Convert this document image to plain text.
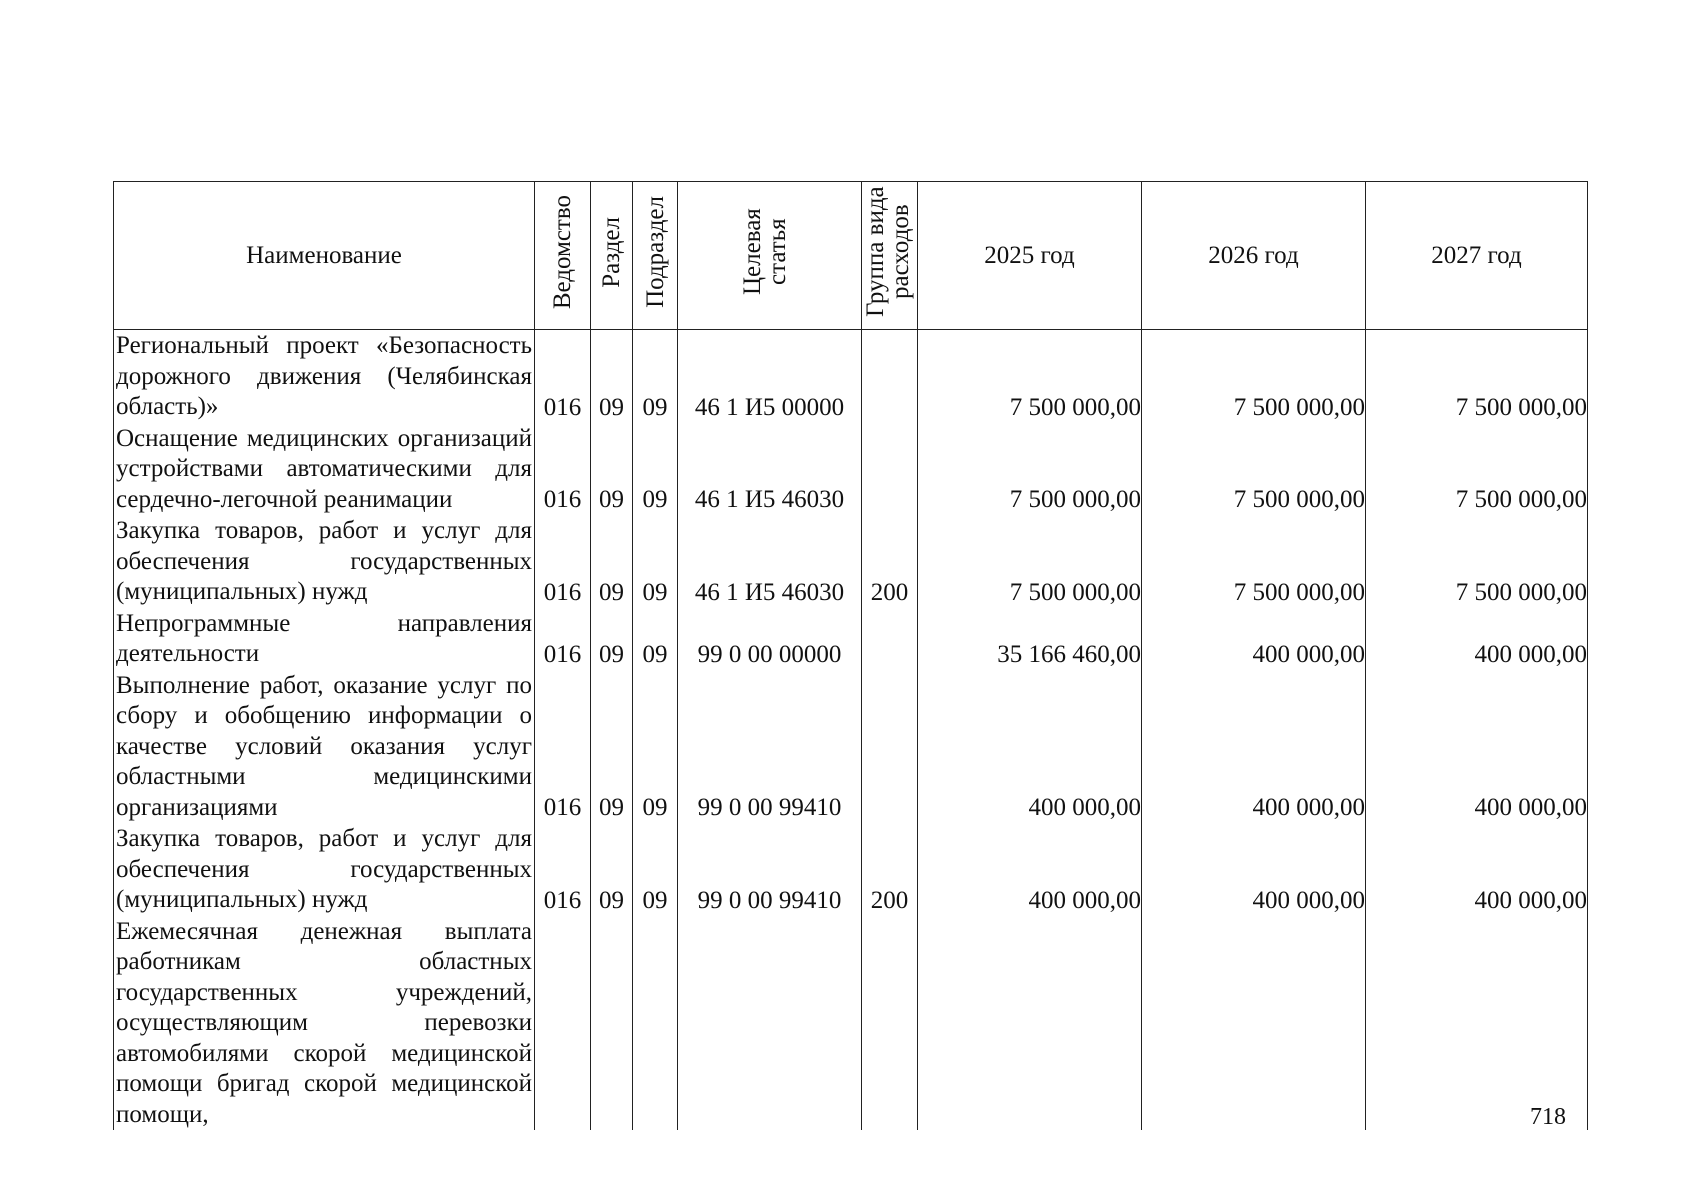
Наименование	Ведомство	Раздел	Подраздел	Целевая статья	Группа вида расходов	2025 год	2026 год	2027 год
Региональный проект «Безопасность дорожного движения (Челябинская область)»	016	09	09	46 1 И5 00000		7 500 000,00	7 500 000,00	7 500 000,00
Оснащение медицинских организаций устройствами автоматическими для сердечно-легочной реанимации	016	09	09	46 1 И5 46030		7 500 000,00	7 500 000,00	7 500 000,00
Закупка товаров, работ и услуг для обеспечения государственных (муниципальных) нужд	016	09	09	46 1 И5 46030	200	7 500 000,00	7 500 000,00	7 500 000,00
Непрограммные направления деятельности	016	09	09	99 0 00 00000		35 166 460,00	400 000,00	400 000,00
Выполнение работ, оказание услуг по сбору и обобщению информации о качестве условий оказания услуг областными медицинскими организациями	016	09	09	99 0 00 99410		400 000,00	400 000,00	400 000,00
Закупка товаров, работ и услуг для обеспечения государственных (муниципальных) нужд	016	09	09	99 0 00 99410	200	400 000,00	400 000,00	400 000,00
Ежемесячная денежная выплата работникам областных государственных учреждений, осуществляющим перевозки автомобилями скорой медицинской помощи бригад скорой медицинской помощи,									718
